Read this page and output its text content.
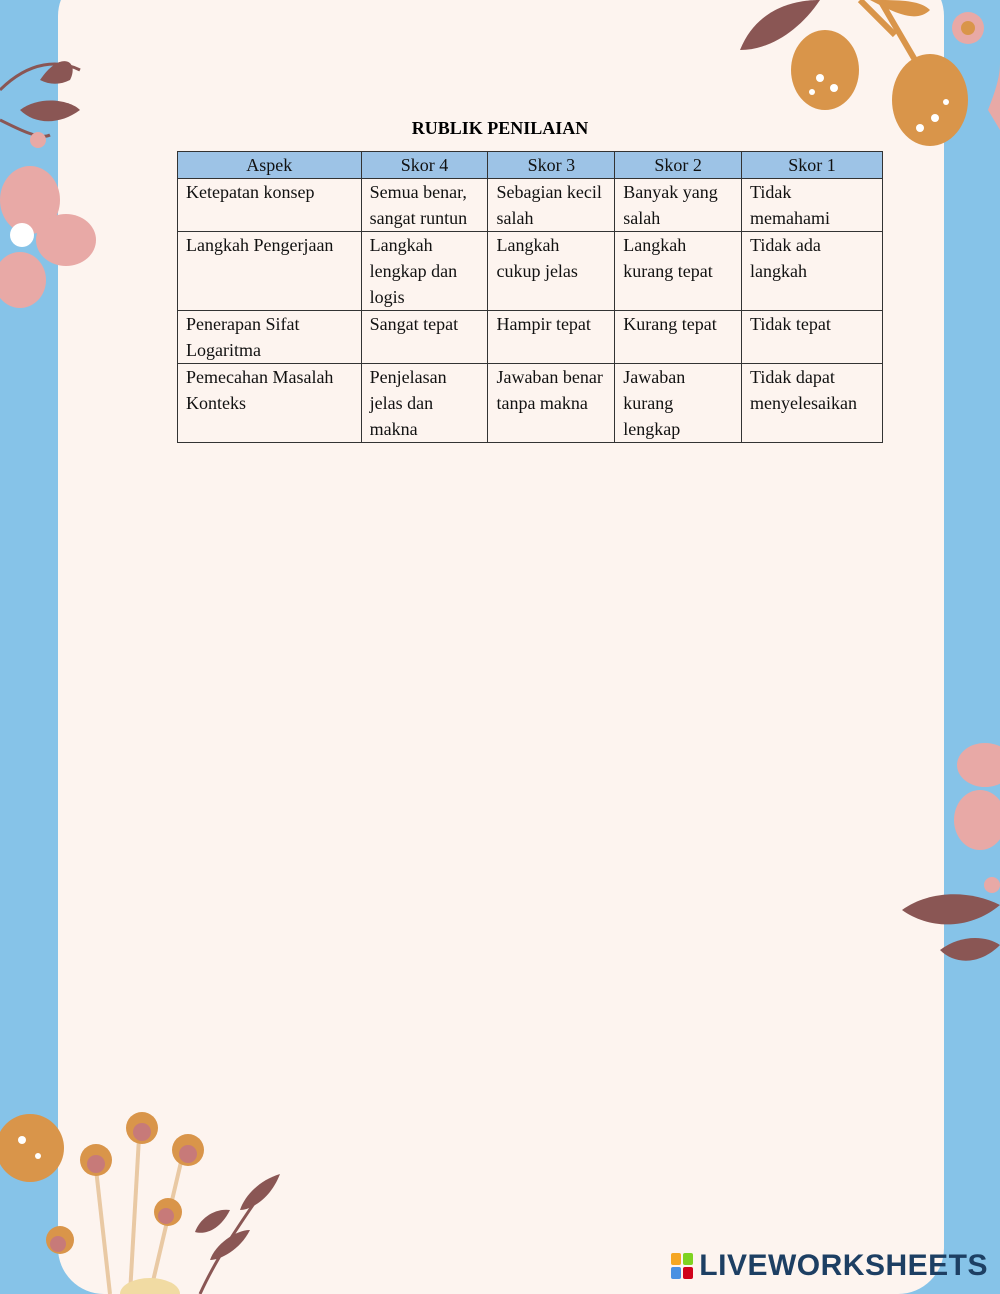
RUBLIK PENILAIAN
Aspek	Skor 4	Skor 3	Skor 2	Skor 1
Ketepatan konsep	Semua benar, sangat runtun	Sebagian kecil salah	Banyak yang salah	Tidak memahami
Langkah Pengerjaan	Langkah lengkap dan logis	Langkah cukup jelas	Langkah kurang tepat	Tidak ada langkah
Penerapan Sifat Logaritma	Sangat tepat	Hampir tepat	Kurang tepat	Tidak tepat
Pemecahan Masalah Konteks	Penjelasan jelas dan makna	Jawaban benar tanpa makna	Jawaban kurang lengkap	Tidak dapat menyelesaikan
LIVEWORKSHEETS
